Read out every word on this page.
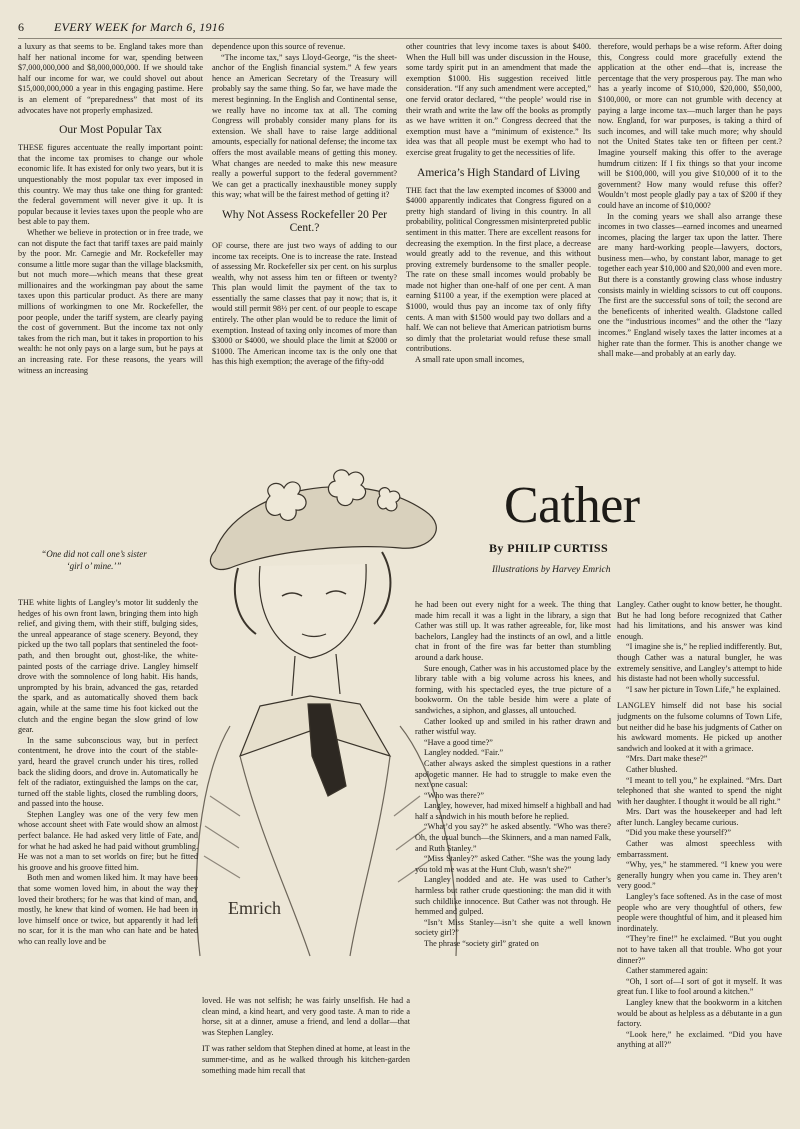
6	EVERY WEEK for March 6, 1916

a luxury as that seems to be. England takes more than half her national income for war, spending between $7,000,000,000 and $8,000,000,000. If we should take half our income for war, we could shovel out about $15,000,000,000 a year in this engaging pastime. Here is an element of “preparedness” that most of its advocates have not properly emphasized.

Our Most Popular Tax

THESE figures accentuate the really important point: that the income tax promises to change our whole economic life. It has existed for only two years, but it is unquestionably the most popular tax ever imposed in this country. We may thus take one thing for granted: the federal government will never give it up. It is popular because it levies taxes upon the people who are best able to pay them.

Whether we believe in protection or in free trade, we can not dispute the fact that tariff taxes are paid mainly by the poor. Mr. Carnegie and Mr. Rockefeller may consume a little more sugar than the village blacksmith, but not much more—which means that these great millionaires and the workingman pay about the same taxes upon this particular product. As there are many millions of workingmen to one Mr. Rockefeller, the poor people, under the tariff system, are clearly paying the cost of government. But the income tax not only takes from the rich man, but it takes in proportion to his wealth: he not only pays on a large sum, but he pays at an increasing rate. For these reasons, the years will witness an increasing

dependence upon this source of revenue.

“The income tax,” says Lloyd-George, “is the sheet-anchor of the English financial system.” A few years hence an American Secretary of the Treasury will probably say the same thing. So far, we have made the merest beginning. In the English and Continental sense, we really have no income tax at all. The coming Congress will probably consider many plans for its extension. We shall have to raise large additional amounts, especially for national defense; the income tax offers the most available means of getting this money. What changes are needed to make this new measure really a powerful support to the federal government? We can get a practically inexhaustible money supply this way; what will be the fairest method of getting it?

Why Not Assess Rockefeller 20 Per Cent.?

OF course, there are just two ways of adding to our income tax receipts. One is to increase the rate. Instead of assessing Mr. Rockefeller six per cent. on his surplus wealth, why not assess him ten or fifteen or twenty? This plan would limit the payment of the tax to essentially the same classes that pay it now; that is, it would still permit 98½ per cent. of our people to escape entirely. The other plan would be to reduce the limit of exemption. Instead of taxing only incomes of more than $3000 or $4000, we should place the limit at $2000 or $1000. The American income tax is the only one that has this high exemption; the average of the fifty-odd

other countries that levy income taxes is about $400. When the Hull bill was under discussion in the House, some tardy spirit put in an amendment that made the exemption $1000. His suggestion received little consideration. “If any such amendment were accepted,” one fervid orator declared, “‘the people’ would rise in their wrath and write the law off the books as promptly as we have written it on.” Congress decreed that the exemption must have a “minimum of existence.” Its idea was that all people must be exempt who had to exercise great frugality to get the necessities of life.

America’s High Standard of Living

THE fact that the law exempted incomes of $3000 and $4000 apparently indicates that Congress figured on a pretty high standard of living in this country. In all probability, political Congressmen misinterpreted public sentiment in this matter. There are excellent reasons for decreasing the exemption. In the first place, a decrease would greatly add to the revenue, and this without proving extremely burdensome to the smaller people. The rate on these small incomes would probably be made not higher than one-half of one per cent. A man earning $1100 a year, if the exemption were placed at $1000, would thus pay an income tax of only fifty cents. A man with $1500 would pay two dollars and a half. We can not believe that American patriotism burns so dimly that the proletariat would refuse these small contributions.

A small rate upon small incomes,

therefore, would perhaps be a wise reform. After doing this, Congress could more gracefully extend the application at the other end—that is, increase the percentage that the very prosperous pay. The man who has a yearly income of $10,000, $20,000, $50,000, $100,000, or more can not grumble with decency at paying a large income tax—much larger than he pays now. England, for war purposes, is taking a third of such incomes, and will take much more; why should not the United States take ten or fifteen per cent.? Imagine yourself making this offer to the average humdrum citizen: If I fix things so that your income will be $100,000, will you give $10,000 of it to the government? How many would refuse this offer? Wouldn’t most people gladly pay a tax of $200 if they could have an income of $10,000?

In the coming years we shall also arrange these incomes in two classes—earned incomes and unearned incomes, placing the larger tax upon the latter. There are many hard-working people—lawyers, doctors, business men—who, by constant labor, manage to get together each year $10,000 and $20,000 and even more. But there is a constantly growing class whose industry consists mainly in wielding scissors to cut off coupons. The first are the successful sons of toil; the second are the beneficents of inherited wealth. Gladstone called one the “industrious incomes” and the other the “lazy incomes.” England wisely taxes the latter incomes at a higher rate than the former. This is another change we shall make—and probably at an early day.

Cather
By PHILIP CURTISS
Illustrations by Harvey Emrich
“One did not call one’s sister ‘girl o’ mine.’”
Emrich

THE white lights of Langley’s motor lit suddenly the hedges of his own front lawn, bringing them into high relief, and giving them, with their stiff, bulging sides, the unreal appearance of stage scenery. Beyond, they picked up the two tall poplars that sentineled the foot-path, and then brought out, ghost-like, the white-painted posts of the carriage drive. Langley himself drove with the somnolence of long habit. His hands, unprompted by his brain, advanced the gas, retarded the spark, and as automatically shoved them back again, while at the same time his foot kicked out the clutch and the engine began the slow grind of low gear.

In the same subconscious way, but in perfect contentment, he drove into the court of the stable-yard, heard the gravel crunch under his tires, rolled back the sliding doors, and drove in. Automatically he felt of the radiator, extinguished the lamps on the car, turned off the stable lights, closed the rumbling doors, and passed into the house.

Stephen Langley was one of the very few men whose account sheet with Fate would show an almost perfect balance. He had asked very little of Fate, and for what he had asked he had paid without grumbling. He was not a man to set worlds on fire; but he fitted his groove and his groove fitted him.

Both men and women liked him. It may have been that some women loved him, in about the way they loved their brothers; for he was that kind of man, and, mostly, he knew that kind of women. He had been in love himself once or twice, but apparently it had left no scar, for it is the man who can hate and be hated who can really love and be

loved. He was not selfish; he was fairly unselfish. He had a clean mind, a kind heart, and very good taste. A man to ride a horse, sit at a dinner, amuse a friend, and lend a dollar—that was Stephen Langley.

IT was rather seldom that Stephen dined at home, at least in the summer-time, and as he walked through his kitchen-garden something made him recall that

he had been out every night for a week. The thing that made him recall it was a light in the library, a sign that Cather was still up. It was rather agreeable, for, like most bachelors, Langley had the instincts of an owl, and a little chat in front of the fire was far better than stumbling around a dark house.

Sure enough, Cather was in his accustomed place by the library table with a big volume across his knees, and forming, with his spectacled eyes, the true picture of a bookworm. On the table beside him were a plate of sandwiches, a siphon, and glasses, all untouched.

Cather looked up and smiled in his rather drawn and rather wistful way.

“Have a good time?”

Langley nodded. “Fair.”

Cather always asked the simplest questions in a rather apologetic manner. He had to struggle to make even the next one casual:

“Who was there?”

Langley, however, had mixed himself a highball and had half a sandwich in his mouth before he replied.

“What’d you say?” he asked absently. “Who was there? Oh, the usual bunch—the Skinners, and a man named Falk, and Ruth Stanley.”

“Miss Stanley?” asked Cather. “She was the young lady you told me was at the Hunt Club, wasn’t she?”

Langley nodded and ate. He was used to Cather’s harmless but rather crude questioning: the man did it with such childlike innocence. But Cather was not through. He hemmed and gulped.

“Isn’t Miss Stanley—isn’t she quite a well known society girl?”

The phrase “society girl” grated on

Langley. Cather ought to know better, he thought. But he had long before recognized that Cather had his limitations, and his answer was kind enough.

“I imagine she is,” he replied indifferently. But, though Cather was a natural bungler, he was extremely sensitive, and Langley’s attempt to hide his distaste had not been wholly successful.

“I saw her picture in Town Life,” he explained.

LANGLEY himself did not base his social judgments on the fulsome columns of Town Life, but neither did he base his judgments of Cather on his awkward moments. He picked up another sandwich and looked at it with a grimace.

“Mrs. Dart make these?”

Cather blushed.

“I meant to tell you,” he explained. “Mrs. Dart telephoned that she wanted to spend the night with her daughter. I thought it would be all right.”

Mrs. Dart was the housekeeper and had left after lunch. Langley became curious.

“Did you make these yourself?”

Cather was almost speechless with embarrassment.

“Why, yes,” he stammered. “I knew you were generally hungry when you came in. They aren’t very good.”

Langley’s face softened. As in the case of most people who are very thoughtful of others, few people were thoughtful of him, and it pleased him inordinately.

“They’re fine!” he exclaimed. “But you ought not to have taken all that trouble. Who got your dinner?”

Cather stammered again:

“Oh, I sort of—I sort of got it myself. It was great fun. I like to fool around a kitchen.”

Langley knew that the bookworm in a kitchen would be about as helpless as a débutante in a gun factory.

“Look here,” he exclaimed. “Did you have anything at all?”
